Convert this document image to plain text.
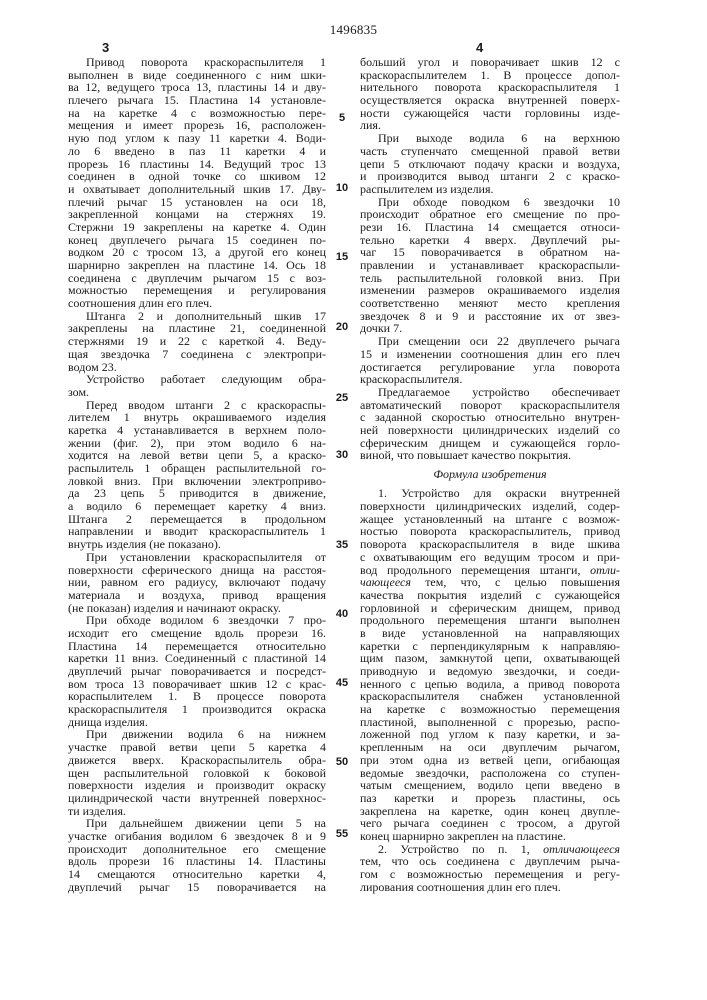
1496835
3	4
Привод поворота краскораспылителя 1
выполнен в виде соединенного с ним шки-
ва 12, ведущего троса 13, пластины 14 и дву-
плечего рычага 15. Пластина 14 установле-
на на каретке 4 с возможностью пере-
мещения и имеет прорезь 16, расположен-
ную под углом к пазу 11 каретки 4. Води-
ло 6 введено в паз 11 каретки 4 и
прорезь 16 пластины 14. Ведущий трос 13
соединен в одной точке со шкивом 12
и охватывает дополнительный шкив 17. Дву-
плечий рычаг 15 установлен на оси 18,
закрепленной концами на стержнях 19.
Стержни 19 закреплены на каретке 4. Один
конец двуплечего рычага 15 соединен по-
водком 20 с тросом 13, а другой его конец
шарнирно закреплен на пластине 14. Ось 18
соединена с двуплечим рычагом 15 с воз-
можностью перемещения и регулирования
соотношения длин его плеч.
Штанга 2 и дополнительный шкив 17
закреплены на пластине 21, соединенной
стержнями 19 и 22 с кареткой 4. Веду-
щая звездочка 7 соединена с электропри-
водом 23.
Устройство работает следующим обра-
зом.
Перед вводом штанги 2 с краскораспы-
лителем 1 внутрь окрашиваемого изделия
каретка 4 устанавливается в верхнем поло-
жении (фиг. 2), при этом водило 6 на-
ходится на левой ветви цепи 5, а краско-
распылитель 1 обращен распылительной го-
ловкой вниз. При включении электроприво-
да 23 цепь 5 приводится в движение,
а водило 6 перемещает каретку 4 вниз.
Штанга 2 перемещается в продольном
направлении и вводит краскораспылитель 1
внутрь изделия (не показано).
При установлении краскораспылителя от
поверхности сферического днища на расстоя-
нии, равном его радиусу, включают подачу
материала и воздуха, привод вращения
(не показан) изделия и начинают окраску.
При обходе водилом 6 звездочки 7 про-
исходит его смещение вдоль прорези 16.
Пластина 14 перемещается относительно
каретки 11 вниз. Соединенный с пластиной 14
двуплечий рычаг поворачивается и посредст-
вом троса 13 поворачивает шкив 12 с крас-
кораспылителем 1. В процессе поворота
краскораспылителя 1 производится окраска
днища изделия.
При движении водила 6 на нижнем
участке правой ветви цепи 5 каретка 4
движется вверх. Краскораспылитель обра-
щен распылительной головкой к боковой
поверхности изделия и производит окраску
цилиндрической части внутренней поверхнос-
ти изделия.
При дальнейшем движении цепи 5 на
участке огибания водилом 6 звездочек 8 и 9
происходит дополнительное его смещение
вдоль прорези 16 пластины 14. Пластины
14 смещаются относительно каретки 4,
двуплечий рычаг 15 поворачивается на
больший угол и поворачивает шкив 12 с
краскораспылителем 1. В процессе допол-
нительного поворота краскораспылителя 1
осуществляется окраска внутренней поверх-
ности сужающейся части горловины изде-
лия.
При выходе водила 6 на верхнюю
часть ступенчато смещенной правой ветви
цепи 5 отключают подачу краски и воздуха,
и производится вывод штанги 2 с краско-
распылителем из изделия.
При обходе поводком 6 звездочки 10
происходит обратное его смещение по про-
рези 16. Пластина 14 смещается относи-
тельно каретки 4 вверх. Двуплечий ры-
чаг 15 поворачивается в обратном на-
правлении и устанавливает краскораспыли-
тель распылительной головкой вниз. При
изменении размеров окрашиваемого изделия
соответственно меняют место крепления
звездочек 8 и 9 и расстояние их от звез-
дочки 7.
При смещении оси 22 двуплечего рычага
15 и изменении соотношения длин его плеч
достигается регулирование угла поворота
краскораспылителя.
Предлагаемое устройство обеспечивает
автоматический поворот краскораспылителя
с заданной скоростью относительно внутрен-
ней поверхности цилиндрических изделий со
сферическим днищем и сужающейся горло-
виной, что повышает качество покрытия.
Формула изобретения
1. Устройство для окраски внутренней
поверхности цилиндрических изделий, содер-
жащее установленный на штанге с возмож-
ностью поворота краскораспылитель, привод
поворота краскораспылителя в виде шкива
с охватывающим его ведущим тросом и при-
вод продольного перемещения штанги, отли-
чающееся тем, что, с целью повышения
качества покрытия изделий с сужающейся
горловиной и сферическим днищем, привод
продольного перемещения штанги выполнен
в виде установленной на направляющих
каретки с перпендикулярным к направляю-
щим пазом, замкнутой цепи, охватывающей
приводную и ведомую звездочки, и соеди-
ненного с цепью водила, а привод поворота
краскораспылителя снабжен установленной
на каретке с возможностью перемещения
пластиной, выполненной с прорезью, распо-
ложенной под углом к пазу каретки, и за-
крепленным на оси двуплечим рычагом,
при этом одна из ветвей цепи, огибающая
ведомые звездочки, расположена со ступен-
чатым смещением, водило цепи введено в
паз каретки и прорезь пластины, ось
закреплена на каретке, один конец двупле-
чего рычага соединен с тросом, а другой
конец шарнирно закреплен на пластине.
2. Устройство по п. 1, отличающееся
тем, что ось соединена с двуплечим рыча-
гом с возможностью перемещения и регу-
лирования соотношения длин его плеч.
5
10
15
20
25
30
35
40
45
50
55
